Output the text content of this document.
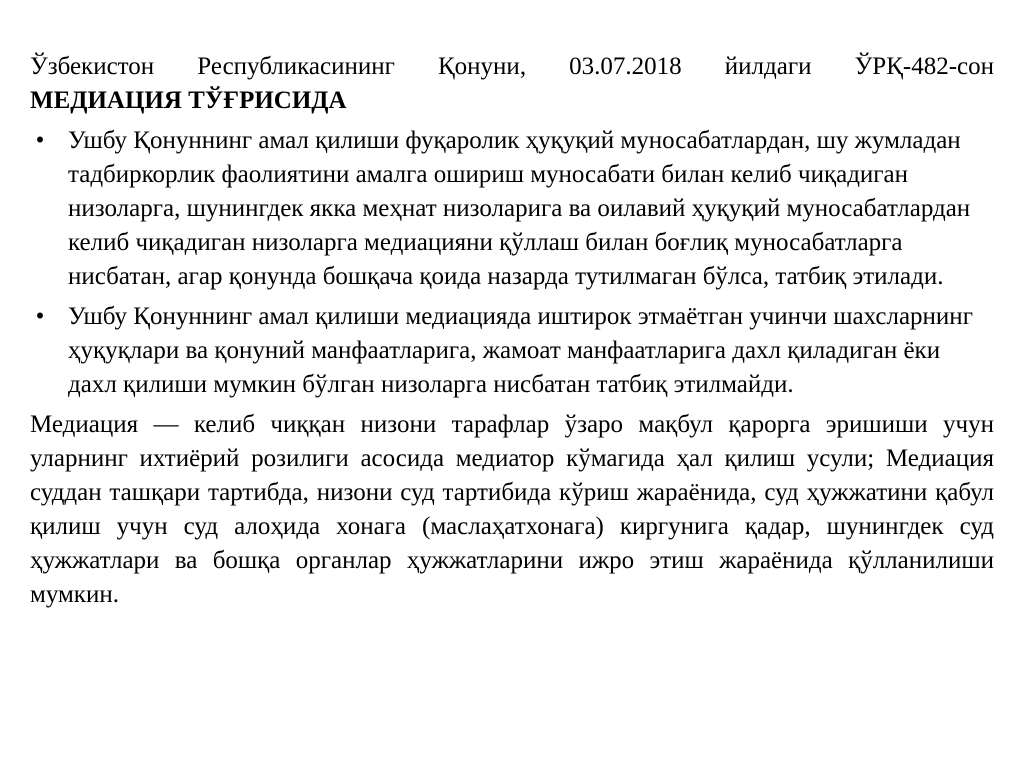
Ўзбекистон Республикасининг Қонуни, 03.07.2018 йилдаги ЎРҚ-482-сон

МЕДИАЦИЯ ТЎҒРИСИДА

• Ушбу Қонуннинг амал қилиши фуқаролик ҳуқуқий муносабатлардан, шу жумладан тадбиркорлик фаолиятини амалга ошириш муносабати билан келиб чиқадиган низоларга, шунингдек якка меҳнат низоларига ва оилавий ҳуқуқий муносабатлардан келиб чиқадиган низоларга медиацияни қўллаш билан боғлиқ муносабатларга нисбатан, агар қонунда бошқача қоида назарда тутилмаган бўлса, татбиқ этилади.
• Ушбу Қонуннинг амал қилиши медиацияда иштирок этмаётган учинчи шахсларнинг ҳуқуқлари ва қонуний манфаатларига, жамоат манфаатларига дахл қиладиган ёки дахл қилиши мумкин бўлган низоларга нисбатан татбиқ этилмайди.

Медиация — келиб чиққан низони тарафлар ўзаро мақбул қарорга эришиши учун уларнинг ихтиёрий розилиги асосида медиатор кўмагида ҳал қилиш усули; Медиация суддан ташқари тартибда, низони суд тартибида кўриш жараёнида, суд ҳужжатини қабул қилиш учун суд алоҳида хонага (маслаҳатхонага) киргунига қадар, шунингдек суд ҳужжатлари ва бошқа органлар ҳужжатларини ижро этиш жараёнида қўлланилиши мумкин.
